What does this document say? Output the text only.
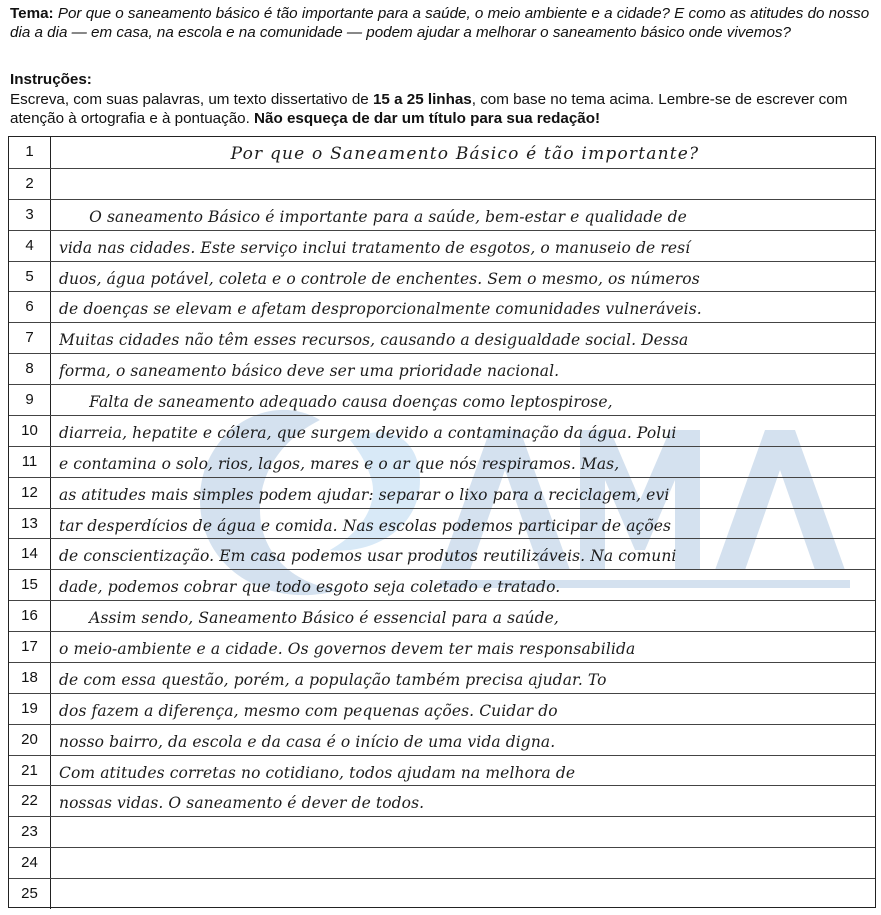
Tema: Por que o saneamento básico é tão importante para a saúde, o meio ambiente e a cidade? E como as atitudes do nosso dia a dia — em casa, na escola e na comunidade — podem ajudar a melhorar o saneamento básico onde vivemos?
Instruções:
Escreva, com suas palavras, um texto dissertativo de 15 a 25 linhas, com base no tema acima. Lembre-se de escrever com atenção à ortografia e à pontuação. Não esqueça de dar um título para sua redação!
1	Por que o Saneamento Básico é tão importante?
2
3	O saneamento Básico é importante para a saúde, bem-estar e qualidade de
4	vida nas cidades. Este serviço inclui tratamento de esgotos, o manuseio de resí
5	duos, água potável, coleta e o controle de enchentes. Sem o mesmo, os números
6	de doenças se elevam e afetam desproporcionalmente comunidades vulneráveis.
7	Muitas cidades não têm esses recursos, causando a desigualdade social. Dessa
8	forma, o saneamento básico deve ser uma prioridade nacional.
9	Falta de saneamento adequado causa doenças como leptospirose,
10	diarreia, hepatite e cólera, que surgem devido a contaminação da água. Polui
11	e contamina o solo, rios, lagos, mares e o ar que nós respiramos. Mas,
12	as atitudes mais simples podem ajudar: separar o lixo para a reciclagem, evi
13	tar desperdícios de água e comida. Nas escolas podemos participar de ações
14	de conscientização. Em casa podemos usar produtos reutilizáveis. Na comuni
15	dade, podemos cobrar que todo esgoto seja coletado e tratado.
16	Assim sendo, Saneamento Básico é essencial para a saúde,
17	o meio-ambiente e a cidade. Os governos devem ter mais responsabilida
18	de com essa questão, porém, a população também precisa ajudar. To
19	dos fazem a diferença, mesmo com pequenas ações. Cuidar do
20	nosso bairro, da escola e da casa é o início de uma vida digna.
21	Com atitudes corretas no cotidiano, todos ajudam na melhora de
22	nossas vidas. O saneamento é dever de todos.
23
24
25
